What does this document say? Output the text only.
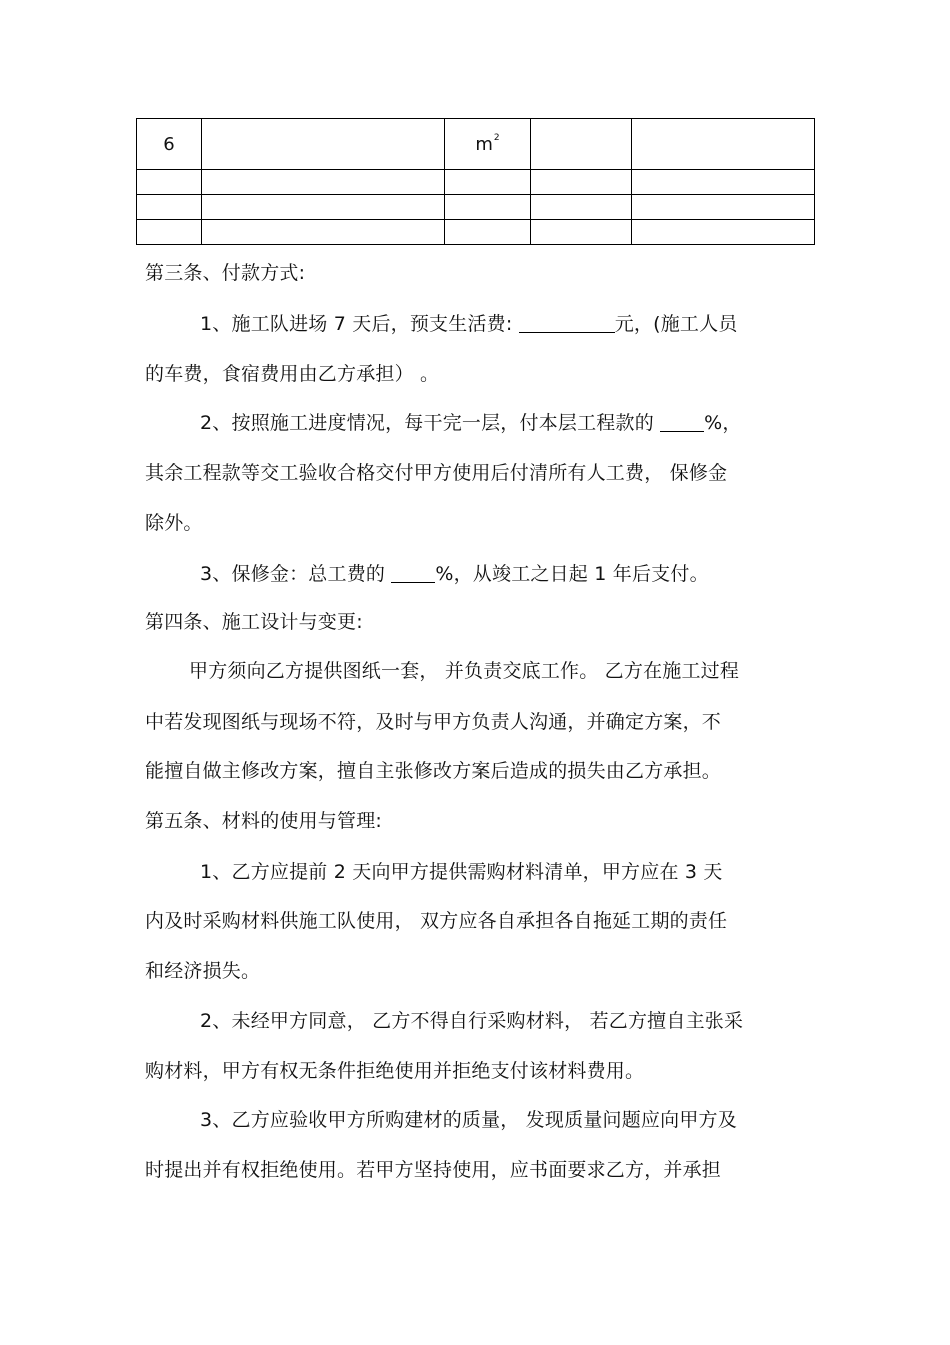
6		$m^2$		

第三条、付款方式:
1、施工队进场 7 天后，预支生活费:	元，(施工人员
的车费，食宿费用由乙方承担） 。
2、按照施工进度情况，每干完一层，付本层工程款的 %，
其余工程款等交工验收合格交付甲方使用后付清所有人工费， 保修金
除外。
3、保修金：总工费的 %，从竣工之日起 1 年后支付。
第四条、施工设计与变更:
甲方须向乙方提供图纸一套， 并负责交底工作。 乙方在施工过程
中若发现图纸与现场不符，及时与甲方负责人沟通，并确定方案，不
能擅自做主修改方案，擅自主张修改方案后造成的损失由乙方承担。
第五条、材料的使用与管理:
1、乙方应提前 2 天向甲方提供需购材料清单，甲方应在 3 天
内及时采购材料供施工队使用， 双方应各自承担各自拖延工期的责任
和经济损失。
2、未经甲方同意， 乙方不得自行采购材料， 若乙方擅自主张采
购材料，甲方有权无条件拒绝使用并拒绝支付该材料费用。
3、乙方应验收甲方所购建材的质量， 发现质量问题应向甲方及
时提出并有权拒绝使用。若甲方坚持使用，应书面要求乙方，并承担
